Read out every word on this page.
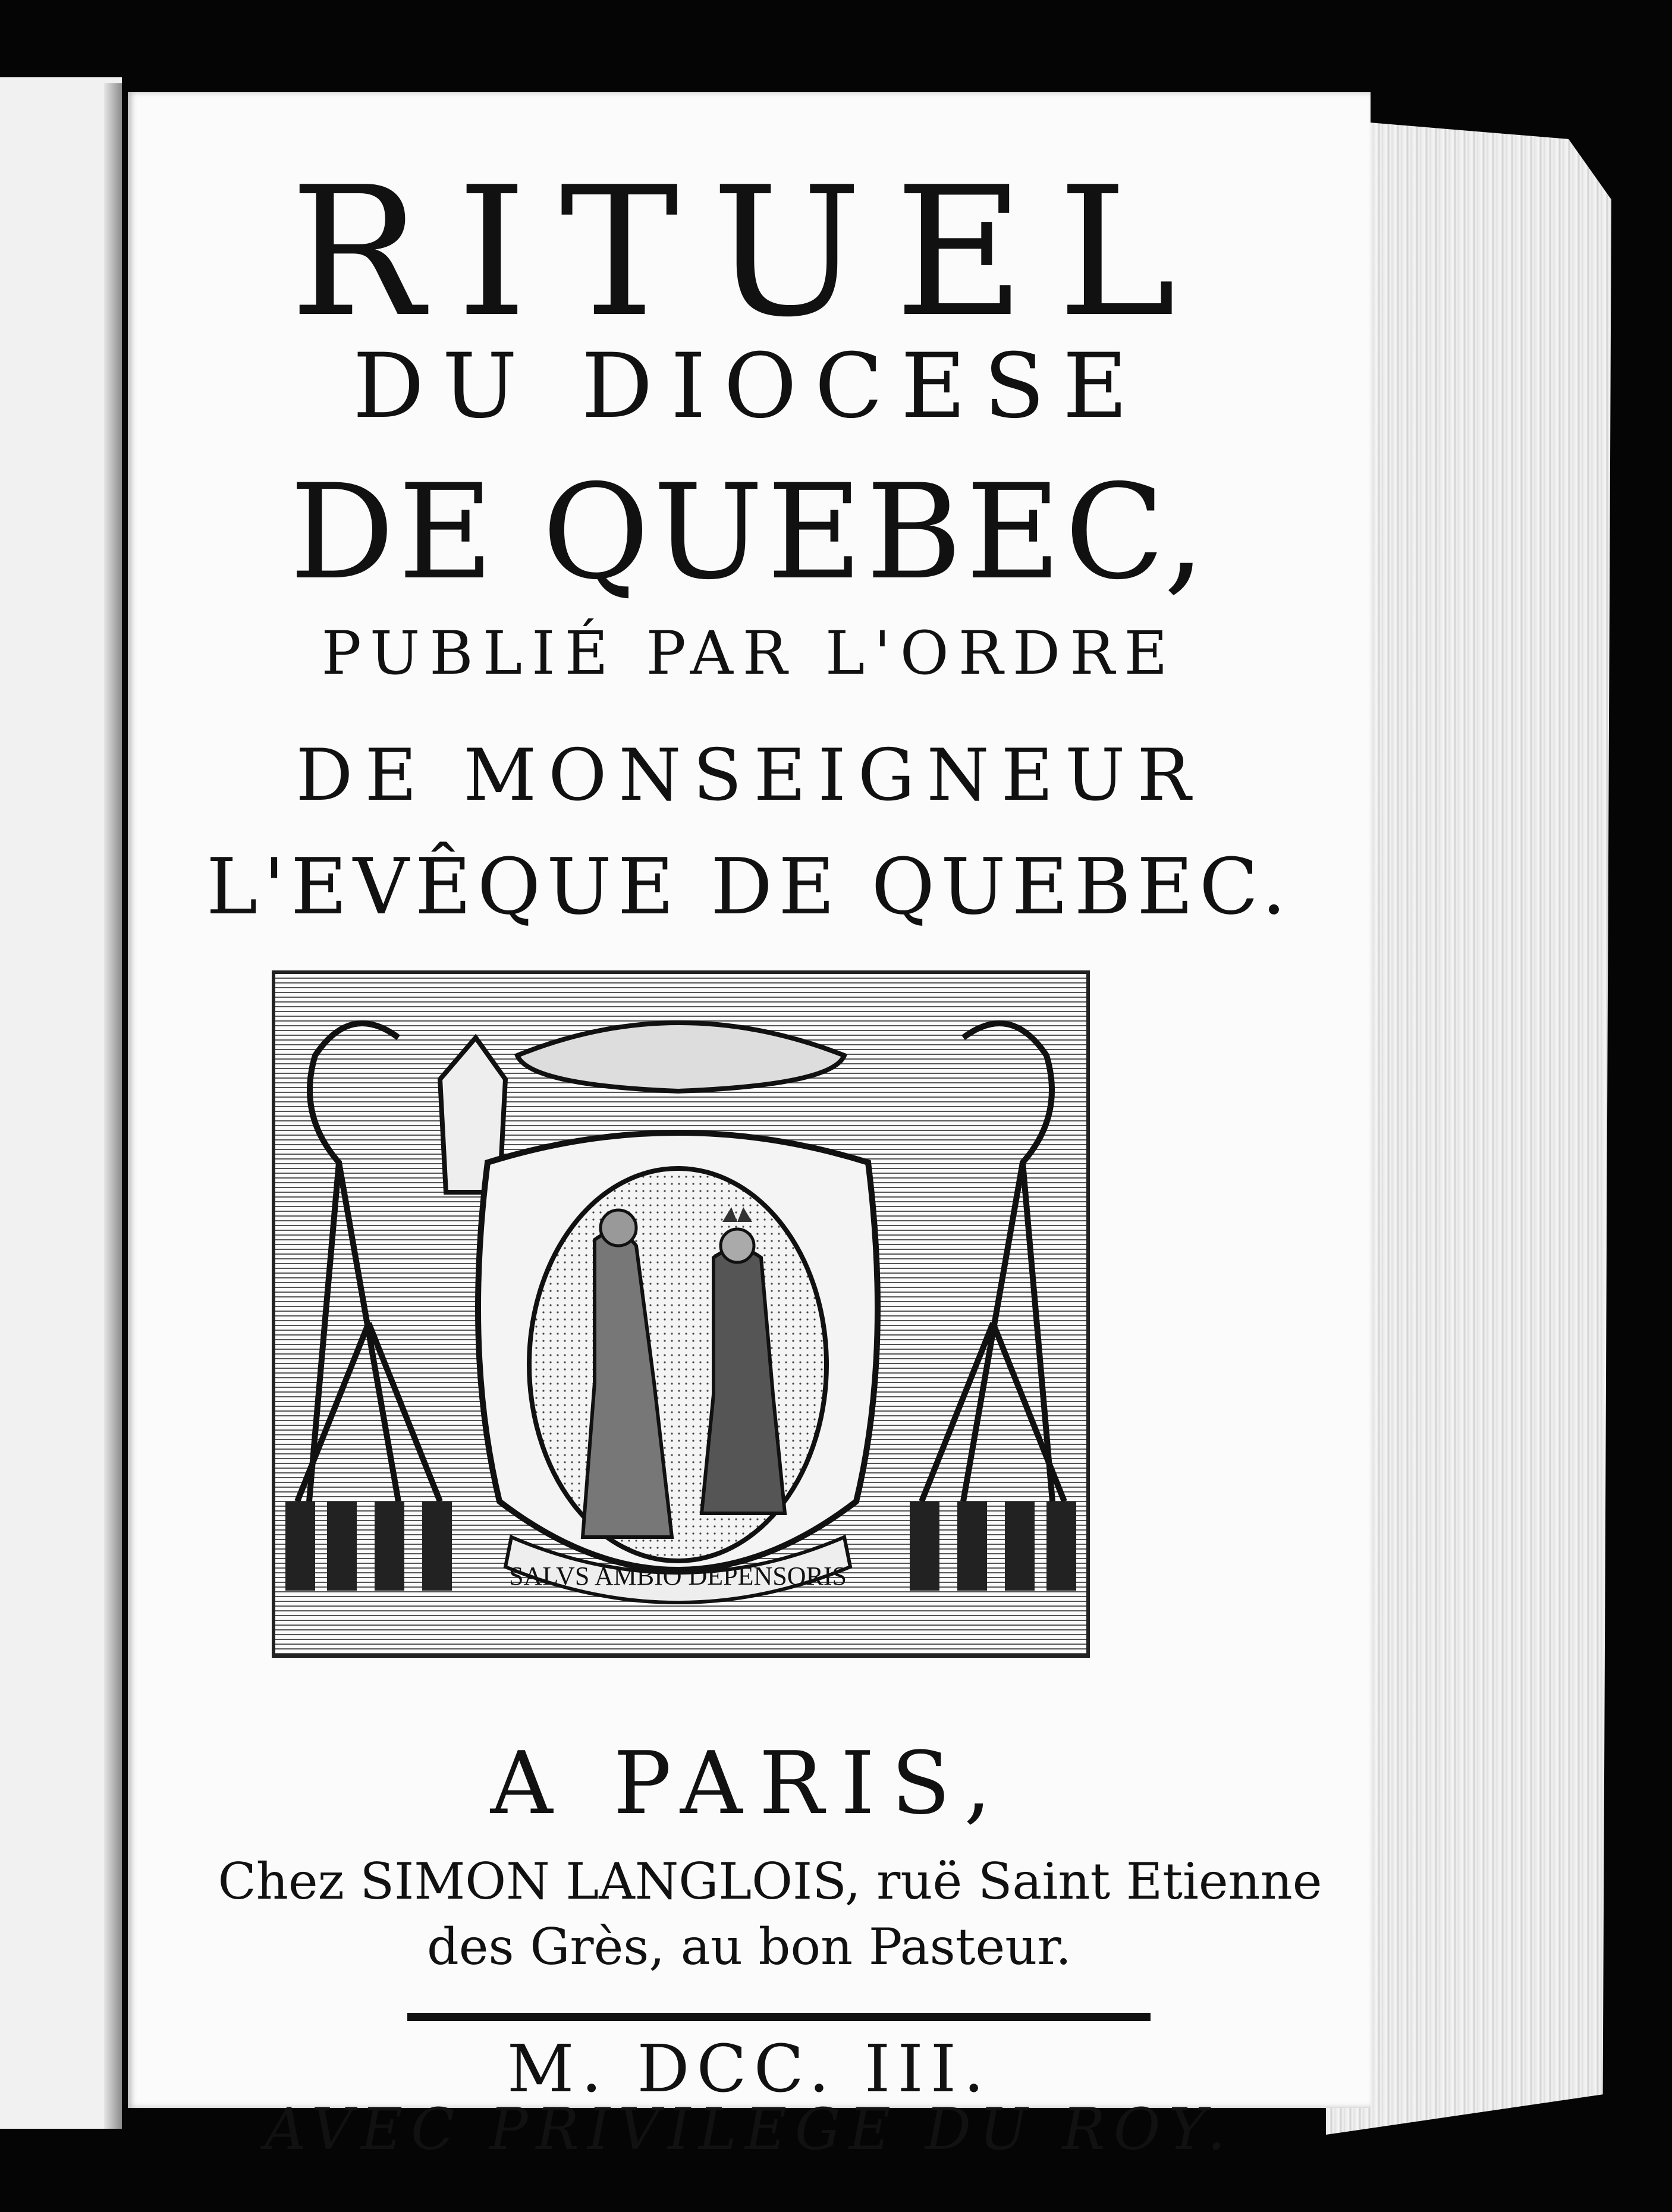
RITUEL
DU DIOCESE
DE QUEBEC,
PUBLIÉ PAR L'ORDRE
DE MONSEIGNEUR
L'EVÊQUE DE QUEBEC.
SALVS AMBIO DEPENSORIS
A PARIS,
Chez SIMON LANGLOIS, ruë Saint Etienne
des Grès, au bon Pasteur.
M. DCC. III.
AVEC PRIVILEGE DU ROY.
